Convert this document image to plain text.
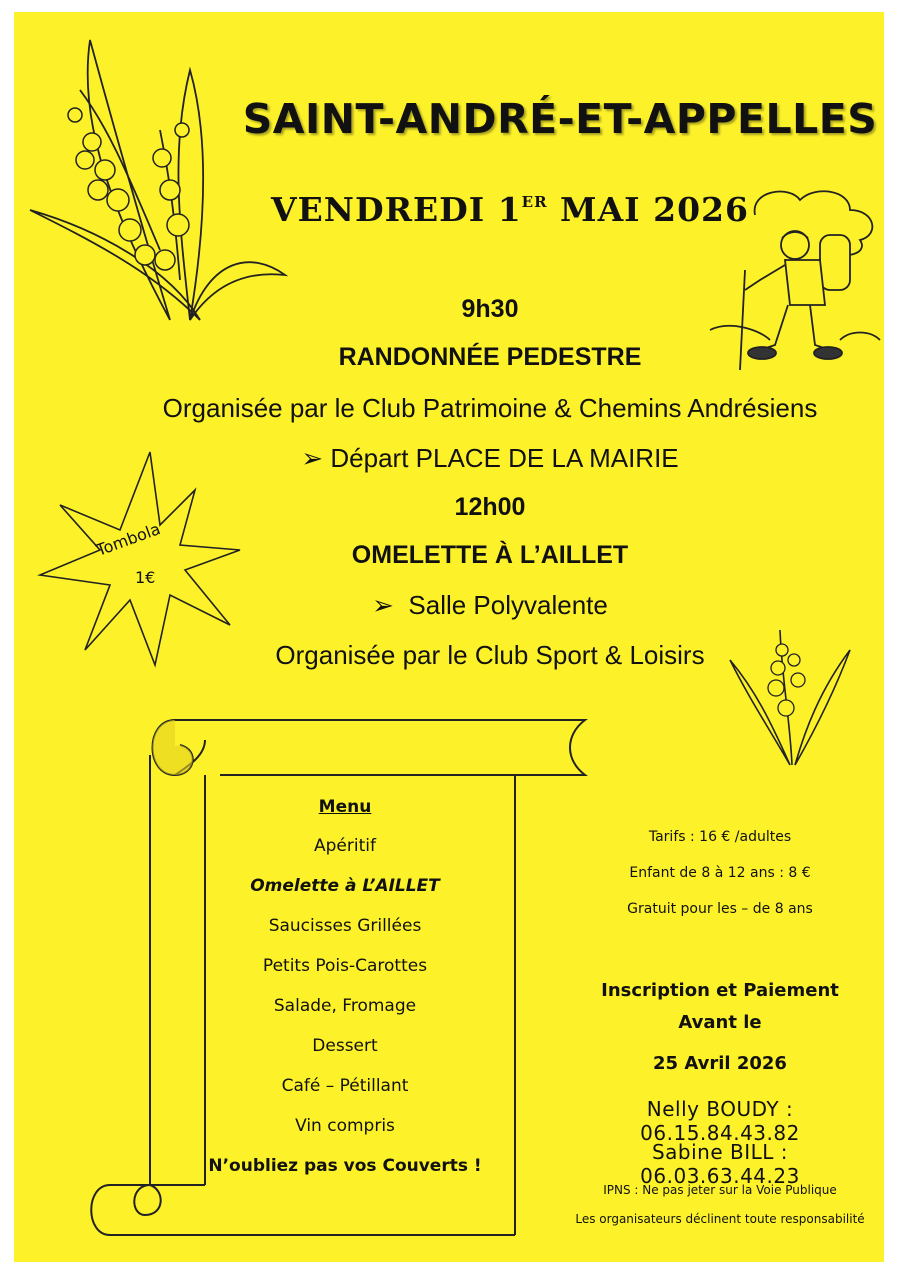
Tombola
1€
SAINT-ANDRÉ-ET-APPELLES
VENDREDI 1ER MAI 2026
9h30
RANDONNÉE PEDESTRE
Organisée par le Club Patrimoine & Chemins Andrésiens
➢ Départ PLACE DE LA MAIRIE
12h00
OMELETTE À L’AILLET
➢ Salle Polyvalente
Organisée par le Club Sport & Loisirs
Menu
Apéritif
Omelette à L’AILLET
Saucisses Grillées
Petits Pois-Carottes
Salade, Fromage
Dessert
Café – Pétillant
Vin compris
N’oubliez pas vos Couverts !
Tarifs : 16 € /adultes
Enfant de 8 à 12 ans : 8 €
Gratuit pour les – de 8 ans
Inscription et Paiement
Avant le
25 Avril 2026
Nelly BOUDY : 06.15.84.43.82
Sabine BILL : 06.03.63.44.23
IPNS : Ne pas jeter sur la Voie Publique
Les organisateurs déclinent toute responsabilité
